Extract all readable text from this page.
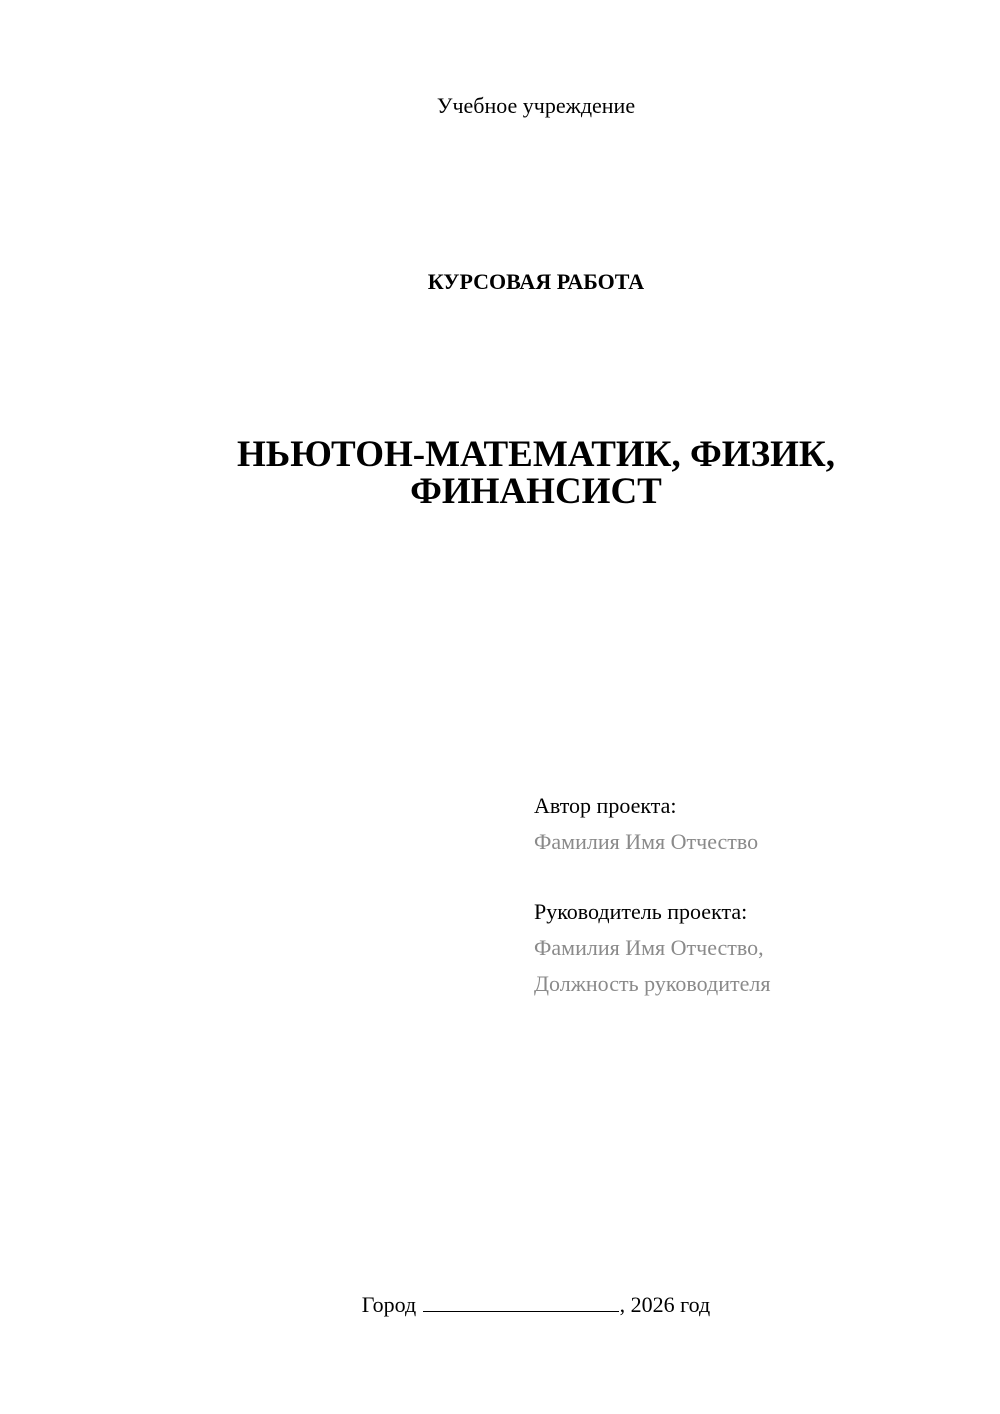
Учебное учреждение
КУРСОВАЯ РАБОТА
НЬЮТОН-МАТЕМАТИК, ФИЗИК,
ФИНАНСИСТ
Автор проекта:
Фамилия Имя Отчество
Руководитель проекта:
Фамилия Имя Отчество,
Должность руководителя
Город	, 2026 год
